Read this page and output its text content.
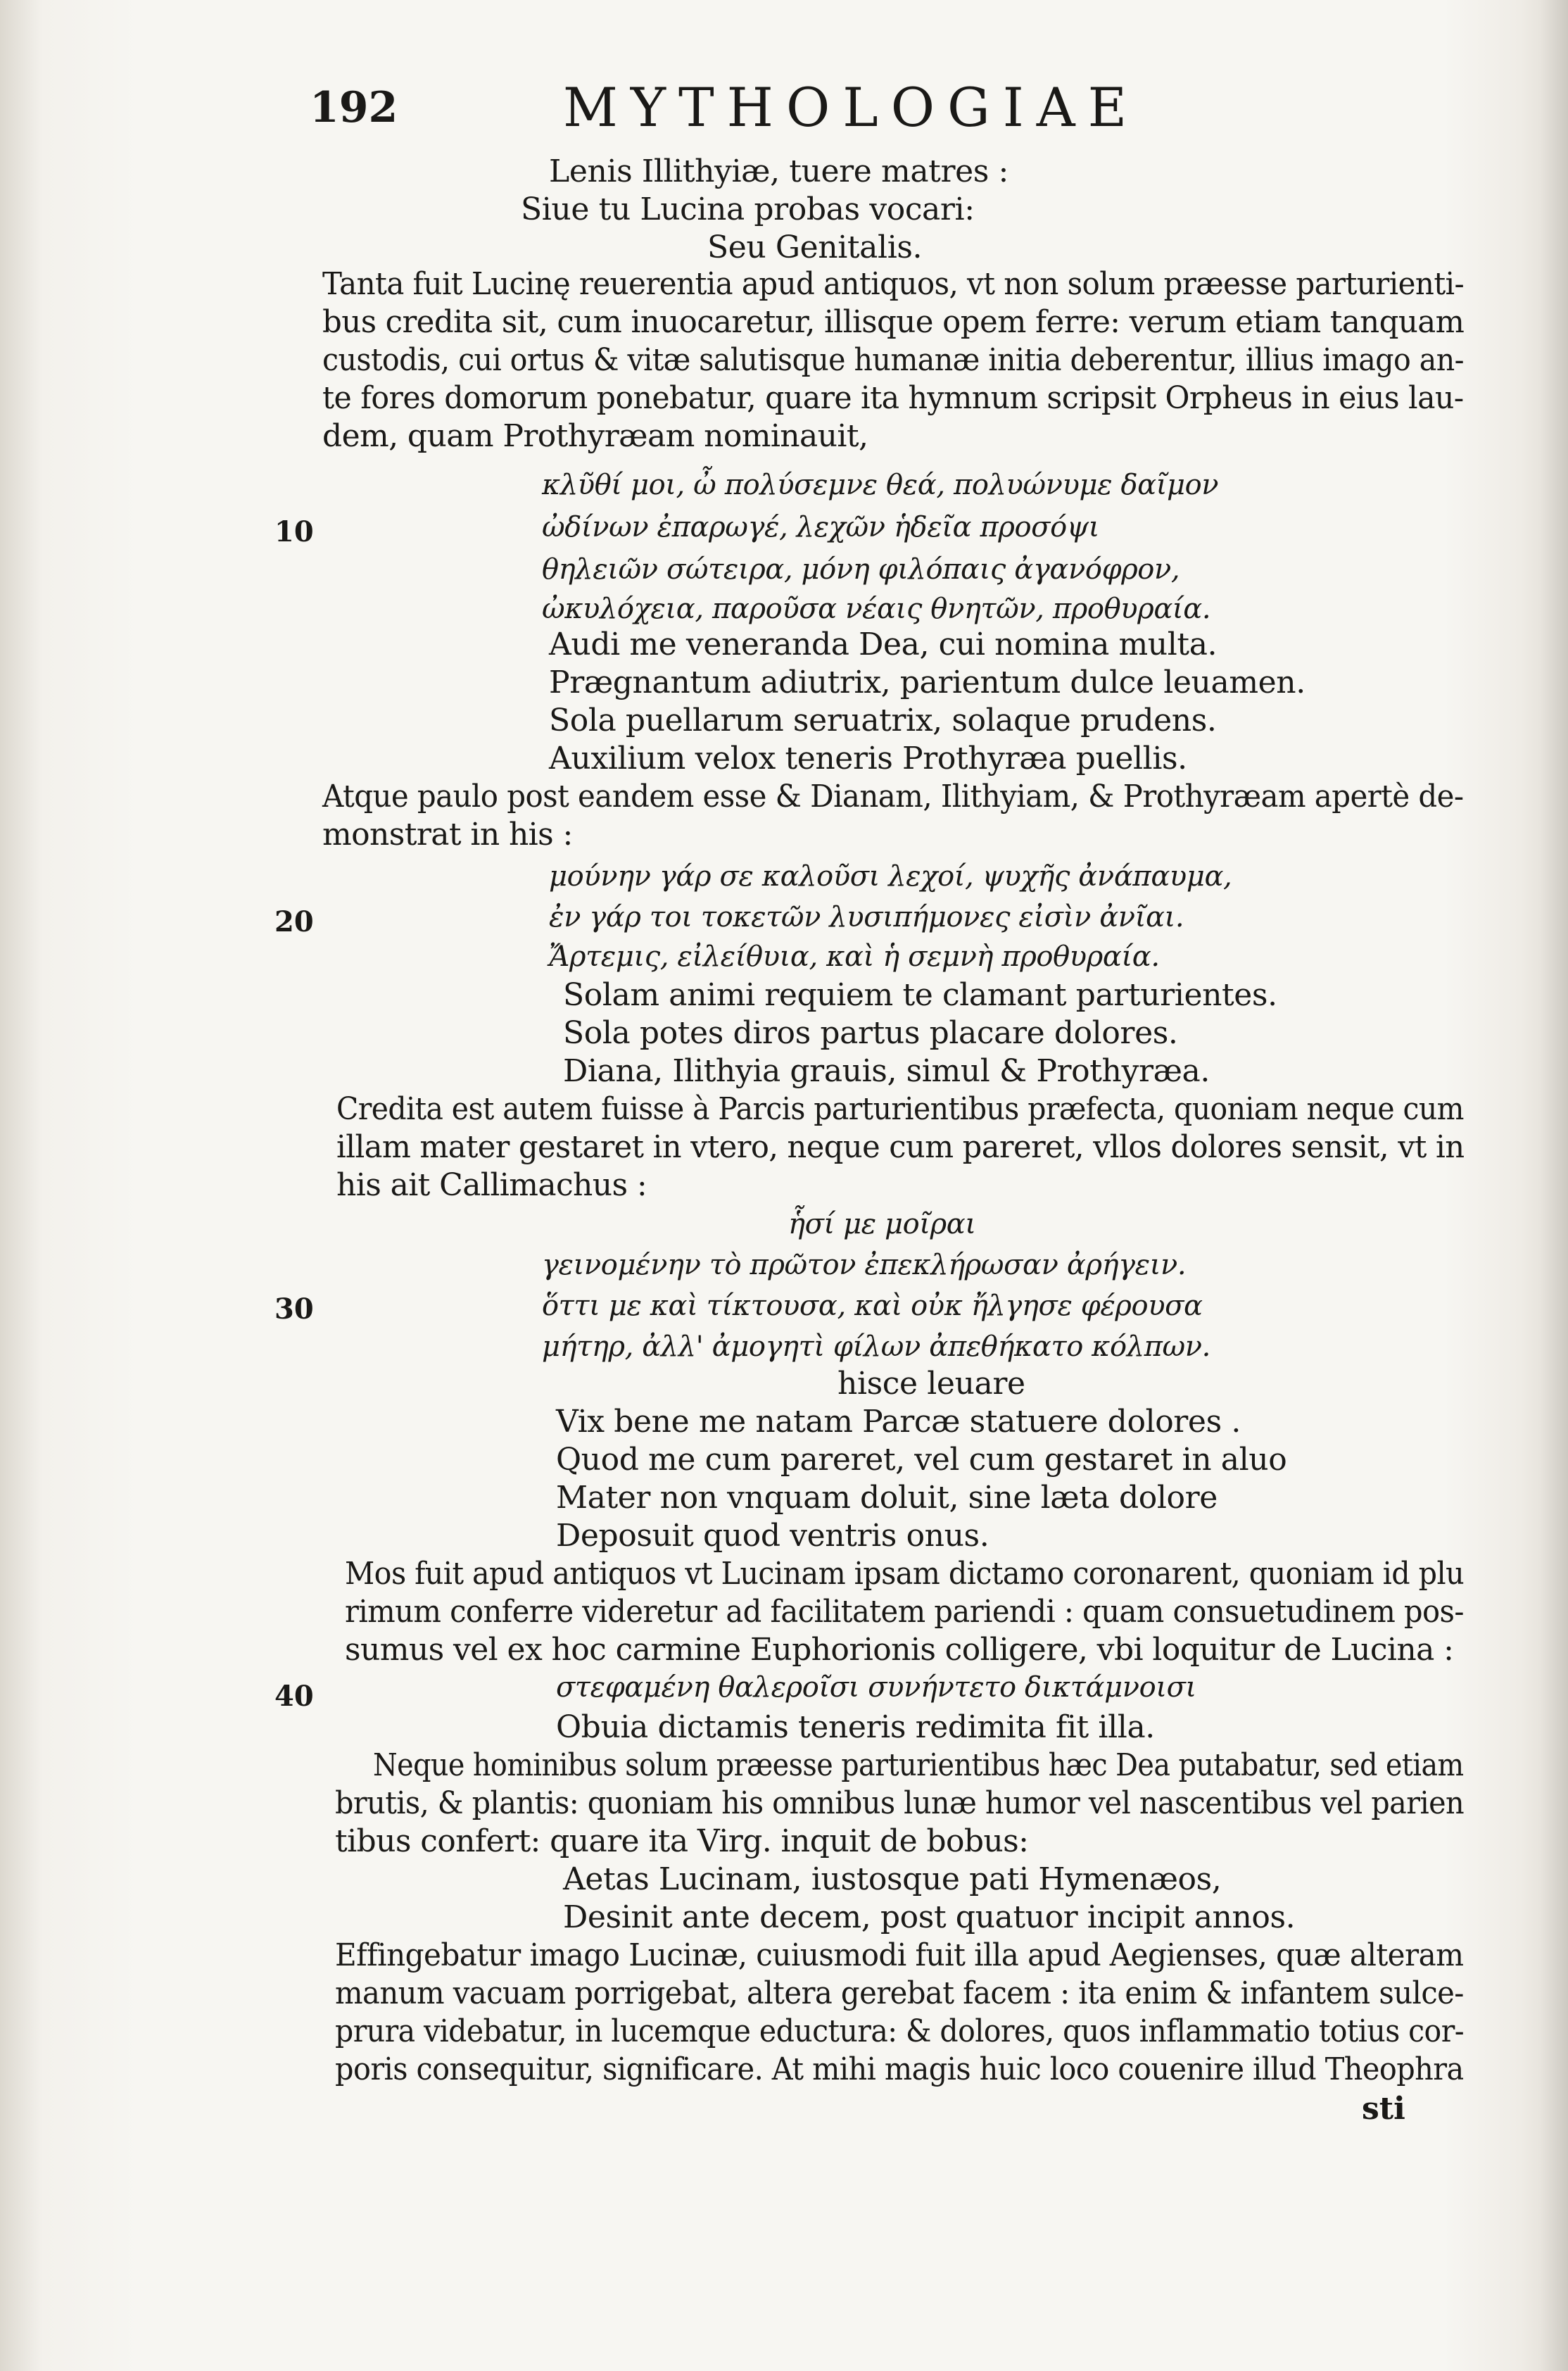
192	MYTHOLOGIAE
10
20
30
40
Lenis Illithyiæ, tuere matres :
Siue tu Lucina probas vocari:
Seu Genitalis.
Tanta fuit Lucinę reuerentia apud antiquos, vt non solum præesse parturienti-
bus credita sit, cum inuocaretur, illisque opem ferre: verum etiam tanquam
custodis, cui ortus & vitæ salutisque humanæ initia deberentur, illius imago an-
te fores domorum ponebatur, quare ita hymnum scripsit Orpheus in eius lau-
dem, quam Prothyræam nominauit,
κλῦθί μοι, ὦ πολύσεμνε θεά, πολυώνυμε δαῖμον
ὠδίνων ἐπαρωγέ, λεχῶν ἡδεῖα προσόψι
θηλειῶν σώτειρα, μόνη φιλόπαις ἀγανόφρον,
ὠκυλόχεια, παροῦσα νέαις θνητῶν, προθυραία.
Audi me veneranda Dea, cui nomina multa.
Prægnantum adiutrix, parientum dulce leuamen.
Sola puellarum seruatrix, solaque prudens.
Auxilium velox teneris Prothyræa puellis.
Atque paulo post eandem esse & Dianam, Ilithyiam, & Prothyræam apertè de-
monstrat in his :
μούνην γάρ σε καλοῦσι λεχοί, ψυχῆς ἀνάπαυμα,
ἐν γάρ τοι τοκετῶν λυσιπήμονες εἰσὶν ἀνῖαι.
Ἄρτεμις, εἰλείθυια, καὶ ἡ σεμνὴ προθυραία.
Solam animi requiem te clamant parturientes.
Sola potes diros partus placare dolores.
Diana, Ilithyia grauis, simul & Prothyræa.
Credita est autem fuisse à Parcis parturientibus præfecta, quoniam neque cum
illam mater gestaret in vtero, neque cum pareret, vllos dolores sensit, vt in
his ait Callimachus :
ἧσί με μοῖραι
γεινομένην τὸ πρῶτον ἐπεκλήρωσαν ἀρήγειν.
ὅττι με καὶ τίκτουσα, καὶ οὐκ ἤλγησε φέρουσα
μήτηρ, ἀλλ' ἀμογητὶ φίλων ἀπεθήκατο κόλπων.
hisce leuare
Vix bene me natam Parcæ statuere dolores .
Quod me cum pareret, vel cum gestaret in aluo
Mater non vnquam doluit, sine læta dolore
Deposuit quod ventris onus.
Mos fuit apud antiquos vt Lucinam ipsam dictamo coronarent, quoniam id plu
rimum conferre videretur ad facilitatem pariendi : quam consuetudinem pos-
sumus vel ex hoc carmine Euphorionis colligere, vbi loquitur de Lucina :
στεφαμένη θαλεροῖσι συνήντετο δικτάμνοισι
Obuia dictamis teneris redimita fit illa.
Neque hominibus solum præesse parturientibus hæc Dea putabatur, sed etiam
brutis, & plantis: quoniam his omnibus lunæ humor vel nascentibus vel parien
tibus confert: quare ita Virg. inquit de bobus:
Aetas Lucinam, iustosque pati Hymenæos,
Desinit ante decem, post quatuor incipit annos.
Effingebatur imago Lucinæ, cuiusmodi fuit illa apud Aegienses, quæ alteram
manum vacuam porrigebat, altera gerebat facem : ita enim & infantem sulce-
prura videbatur, in lucemque eductura: & dolores, quos inflammatio totius cor-
poris consequitur, significare. At mihi magis huic loco couenire illud Theophra
sti
